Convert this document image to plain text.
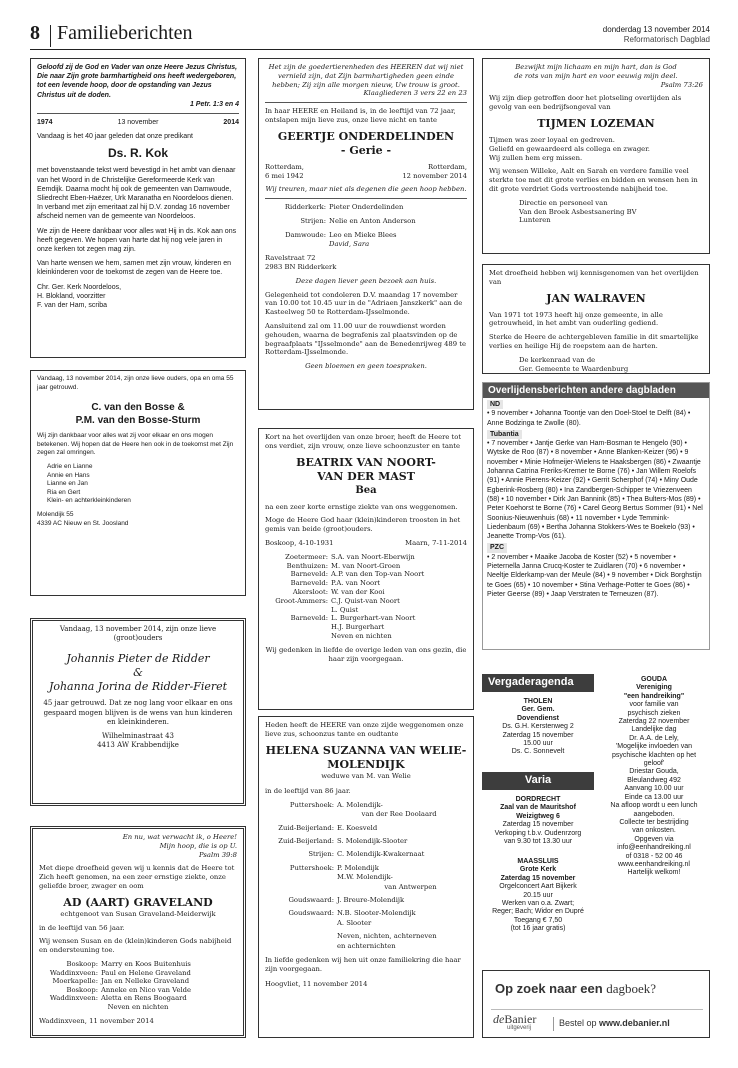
8 Familieberichten	donderdag 13 november 2014
Reformatorisch Dagblad
Geloofd zij de God en Vader van onze Heere Jezus Christus, Die naar Zijn grote barmhartigheid ons heeft wedergeboren, tot een levende hoop, door de opstanding van Jezus Christus uit de doden.
1 Petr. 1:3 en 4
1974	13 november	2014
Vandaag is het 40 jaar geleden dat onze predikant
Ds. R. Kok
met bovenstaande tekst werd bevestigd in het ambt van dienaar van het Woord in de Christelijke Gereformeerde Kerk van Eemdijk. Daarna mocht hij ook de gemeenten van Damwoude, Sliedrecht Eben-Haëzer, Urk Maranatha en Noordeloos dienen.
In verband met zijn emeritaat zal hij D.V. zondag 16 november afscheid nemen van de gemeente van Noordeloos.
We zijn de Heere dankbaar voor alles wat Hij in ds. Kok aan ons heeft gegeven. We hopen van harte dat hij nog vele jaren in onze kerken tot zegen mag zijn.
Van harte wensen we hem, samen met zijn vrouw, kinderen en kleinkinderen voor de toekomst de zegen van de Heere toe.
Chr. Ger. Kerk Noordeloos,
H. Blokland, voorzitter
F. van der Ham, scriba
Vandaag, 13 november 2014, zijn onze lieve ouders, opa en oma 55 jaar getrouwd.
C. van den Bosse &
P.M. van den Bosse-Sturm
Wij zijn dankbaar voor alles wat zij voor elkaar en ons mogen betekenen. Wij hopen dat de Heere hen ook in de toekomst met Zijn zegen zal omringen.
Adrie en Lianne
Annie en Hans
Lianne en Jan
Ria en Gert
Klein- en achterkleinkinderen
Molendijk 55
4339 AC Nieuw en St. Joosland
Vandaag, 13 november 2014, zijn onze lieve (groot)ouders
Johannis Pieter de Ridder
&
Johanna Jorina de Ridder-Fieret
45 jaar getrouwd. Dat ze nog lang voor elkaar en ons gespaard mogen blijven is de wens van hun kinderen en kleinkinderen.
Wilhelminastraat 43
4413 AW Krabbendijke
En nu, wat verwacht ik, o Heere!
Mijn hoop, die is op U.
Psalm 39:8
Met diepe droefheid geven wij u kennis dat de Heere tot Zich heeft genomen, na een zeer ernstige ziekte, onze geliefde broer, zwager en oom
AD (AART) GRAVELAND
echtgenoot van Susan Graveland-Meiderwijk
in de leeftijd van 56 jaar.
Wij wensen Susan en de (klein)kinderen Gods nabijheid en ondersteuning toe.
Boskoop:	Marry en Koos Buitenhuis
Waddinxveen:	Paul en Helene Graveland
Moerkapelle:	Jan en Nelleke Graveland
Boskoop:	Anneke en Nico van Velde
Waddinxveen:	Aletta en Rens Boogaard
Neven en nichten
Waddinxveen, 11 november 2014
Het zijn de goedertierenheden des HEEREN dat wij niet vernield zijn, dat Zijn barmhartigheden geen einde hebben; Zij zijn alle morgen nieuw, Uw trouw is groot.
Klaagliederen 3 vers 22 en 23
In haar HEERE en Heiland is, in de leeftijd van 72 jaar, ontslapen mijn lieve zus, onze lieve nicht en tante
GEERTJE ONDERDELINDEN
- Gerie -
Rotterdam,
6 mei 1942
Rotterdam,
12 november 2014
Wij treuren, maar niet als degenen die geen hoop hebben.
Ridderkerk:	Pieter Onderdelinden

Strijen:	Nelie en Anton Anderson

Damwoude:	Leo en Mieke Blees
	David, Sara
Ravelstraat 72
2983 BN Ridderkerk
Deze dagen liever geen bezoek aan huis.
Gelegenheid tot condoleren D.V. maandag 17 november van 10.00 tot 10.45 uur in de "Adriaen Janszkerk" aan de Kasteelweg 50 te Rotterdam-IJsselmonde.
Aansluitend zal om 11.00 uur de rouwdienst worden gehouden, waarna de begrafenis zal plaatsvinden op de begraafplaats "IJsselmonde" aan de Benedenrijweg 489 te Rotterdam-IJsselmonde.
Geen bloemen en geen toespraken.
Kort na het overlijden van onze broer, heeft de Heere tot ons verdiet, zijn vrouw, onze lieve schoonzuster en tante
BEATRIX VAN NOORT-
VAN DER MAST
Bea
na een zeer korte ernstige ziekte van ons weggenomen.
Moge de Heere God haar (klein)kinderen troosten in het gemis van beide (groot)ouders.
Boskoop, 4-10-1931	Maarn, 7-11-2014
Zoetermeer:	S.A. van Noort-Eberwijn
Benthuizen:	M. van Noort-Groen
Barneveld:	A.P. van den Top-van Noort
Barneveld:	P.A. van Noort
Akersloot:	W. van der Kooi
Groot-Ammers:	C.J. Quist-van Noort
	L. Quist
Barneveld:	L. Burgerhart-van Noort
	H.J. Burgerhart
	Neven en nichten
Wij gedenken in liefde de overige leden van ons gezin, die haar zijn voorgegaan.
Heden heeft de HEERE van onze zijde weggenomen onze lieve zus, schoonzus tante en oudtante
HELENA SUZANNA VAN WELIE-
MOLENDIJK
weduwe van M. van Welie
in de leeftijd van 86 jaar.
Puttershoek:	A. Molendijk-
	van der Ree Doolaard

Zuid-Beijerland:	E. Koesveld

Zuid-Beijerland:	S. Molendijk-Slooter

Strijen:	C. Molendijk-Kwakernaat

Puttershoek:	P. Molendijk
	M.W. Molendijk-
	van Antwerpen

Goudswaard:	J. Breure-Molendijk

Goudswaard:	N.B. Slooter-Molendijk
	A. Slooter

	Neven, nichten, achterneven
	en achternichten
In liefde gedenken wij hen uit onze familiekring die haar zijn voorgegaan.
Hoogvliet, 11 november 2014
Bezwijkt mijn lichaam en mijn hart, dan is God
de rots van mijn hart en voor eeuwig mijn deel.
Psalm 73:26
Wij zijn diep getroffen door het plotseling overlijden als gevolg van een bedrijfsongeval van
TIJMEN LOZEMAN
Tijmen was zeer loyaal en gedreven.
Geliefd en gewaardeerd als collega en zwager.
Wij zullen hem erg missen.
Wij wensen Willeke, Aalt en Sarah en verdere familie veel sterkte toe met dit grote verlies en bidden en wensen hen in dit grote verdriet Gods vertroostende nabijheid toe.
Directie en personeel van
Van den Broek Asbestsanering BV
Lunteren
Met droefheid hebben wij kennisgenomen van het overlijden van
JAN WALRAVEN
Van 1971 tot 1973 heeft hij onze gemeente, in alle getrouwheid, in het ambt van ouderling gediend.
Sterke de Heere de achtergebleven familie in dit smartelijke verlies en heilige Hij de roepstem aan de harten.
De kerkenraad van de
Ger. Gemeente te Waardenburg
Overlijdensberichten andere dagbladen
ND
• 9 november • Johanna Toontje van den Doel-Stoel te Delft (84) • Anne Bodzinga te Zwolle (80).
Tubantia
• 7 november • Jantje Gerke van Ham-Bosman te Hengelo (90) • Wytske de Roo (87) • 8 november • Anne Blanken-Keizer (96) • 9 november • Minie Hofmeijer-Wielens te Haaksbergen (86) • Zwaantje Johanna Catrina Freriks-Kremer te Borne (76) • Jan Willem Roelofs (91) • Annie Pierens-Keizer (92) • Gerrit Scherphof (74) • Miny Oude Egberink-Rosberg (80) • Ina Zandbergen-Schipper te Vriezenveen (58) • 10 november • Dirk Jan Bannink (85) • Thea Bulters-Mos (89) • Peter Koehorst te Borne (76) • Carel Georg Bertus Sommer (91) • Nel Soonius-Nieuwenhuis (68) • 11 november • Lyde Temmink-Liedenbaum (69) • Bertha Johanna Stokkers-Wes te Boekelo (93) • Jeanette Tromp-Vos (61).
PZC
• 2 november • Maaike Jacoba de Koster (52) • 5 november • Pieternella Janna Crucq-Koster te Zuidlaren (70) • 6 november • Neeltje Elderkamp-van der Meule (84) • 9 november • Dick Borghstijn te Goes (65) • 10 november • Stina Verhage-Potter te Goes (86) • Pieter Geerse (89) • Jaap Verstraten te Terneuzen (87).
Vergaderagenda
THOLEN
Ger. Gem.
Dovendienst
Ds. G.H. Kerstenweg 2
Zaterdag 15 november
15.00 uur
Ds. C. Sonnevelt
Varia
DORDRECHT
Zaal van de Mauritshof
Weizigtweg 6
Zaterdag 15 november
Verkoping t.b.v. Oudenrzorg
van 9.30 tot 13.30 uur
MAASSLUIS
Grote Kerk
Zaterdag 15 november
Orgelconcert Aart Bijkerk
20.15 uur
Werken van o.a. Zwart;
Reger; Bach; Widor en Dupré
Toegang € 7,50
(tot 16 jaar gratis)
GOUDA
Vereniging
"een handreiking"
voor familie van
psychisch zieken
Zaterdag 22 november
Landelijke dag
Dr. A.A. de Lely,
'Mogelijke invloeden van
psychische klachten op het
geloof'
Driestar Gouda,
Bleulandweg 492
Aanvang 10.00 uur
Einde ca 13.00 uur
Na afloop wordt u een lunch
aangeboden.
Collecte ter bestrijding
van onkosten.
Opgeven via
info@eenhandreiking.nl
of 0318 - 52 00 46
www.eenhandreiking.nl
Hartelijk welkom!
Op zoek naar een dagboek?
deBanier
uitgeverij	Bestel op www.debanier.nl
